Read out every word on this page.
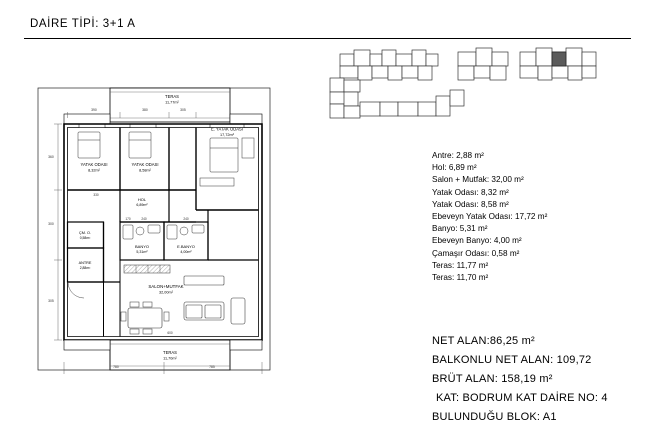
DAİRE TİPİ: 3+1 A
TERAS
11,77m²
YATAK ODASI
8,32m²
YATAK ODASI
8,58m²
E. YATAK ODASI
17,72m²
HOL
6,89m²
BANYO
5,31m²
E.BANYO
4,00m²
ÇM. O.
0,58m²
ANTRE
2,88m²
SALON+MUTFAK
32,00m²
TERAS
11,70m²
390	380	305
360
300
305
780	785
330
170	240	240
600
Antre: 2,88 m²
Hol: 6,89 m²
Salon + Mutfak: 32,00 m²
Yatak Odası: 8,32 m²
Yatak Odası: 8,58 m²
Ebeveyn Yatak Odası: 17,72 m²
Banyo: 5,31 m²
Ebeveyn Banyo: 4,00 m²
Çamaşır Odası: 0,58 m²
Teras: 11,77 m²
Teras: 11,70 m²
NET ALAN:86,25 m²
BALKONLU NET ALAN: 109,72
BRÜT ALAN: 158,19 m²
KAT: BODRUM KAT DAİRE NO: 4
BULUNDUĞU BLOK: A1
